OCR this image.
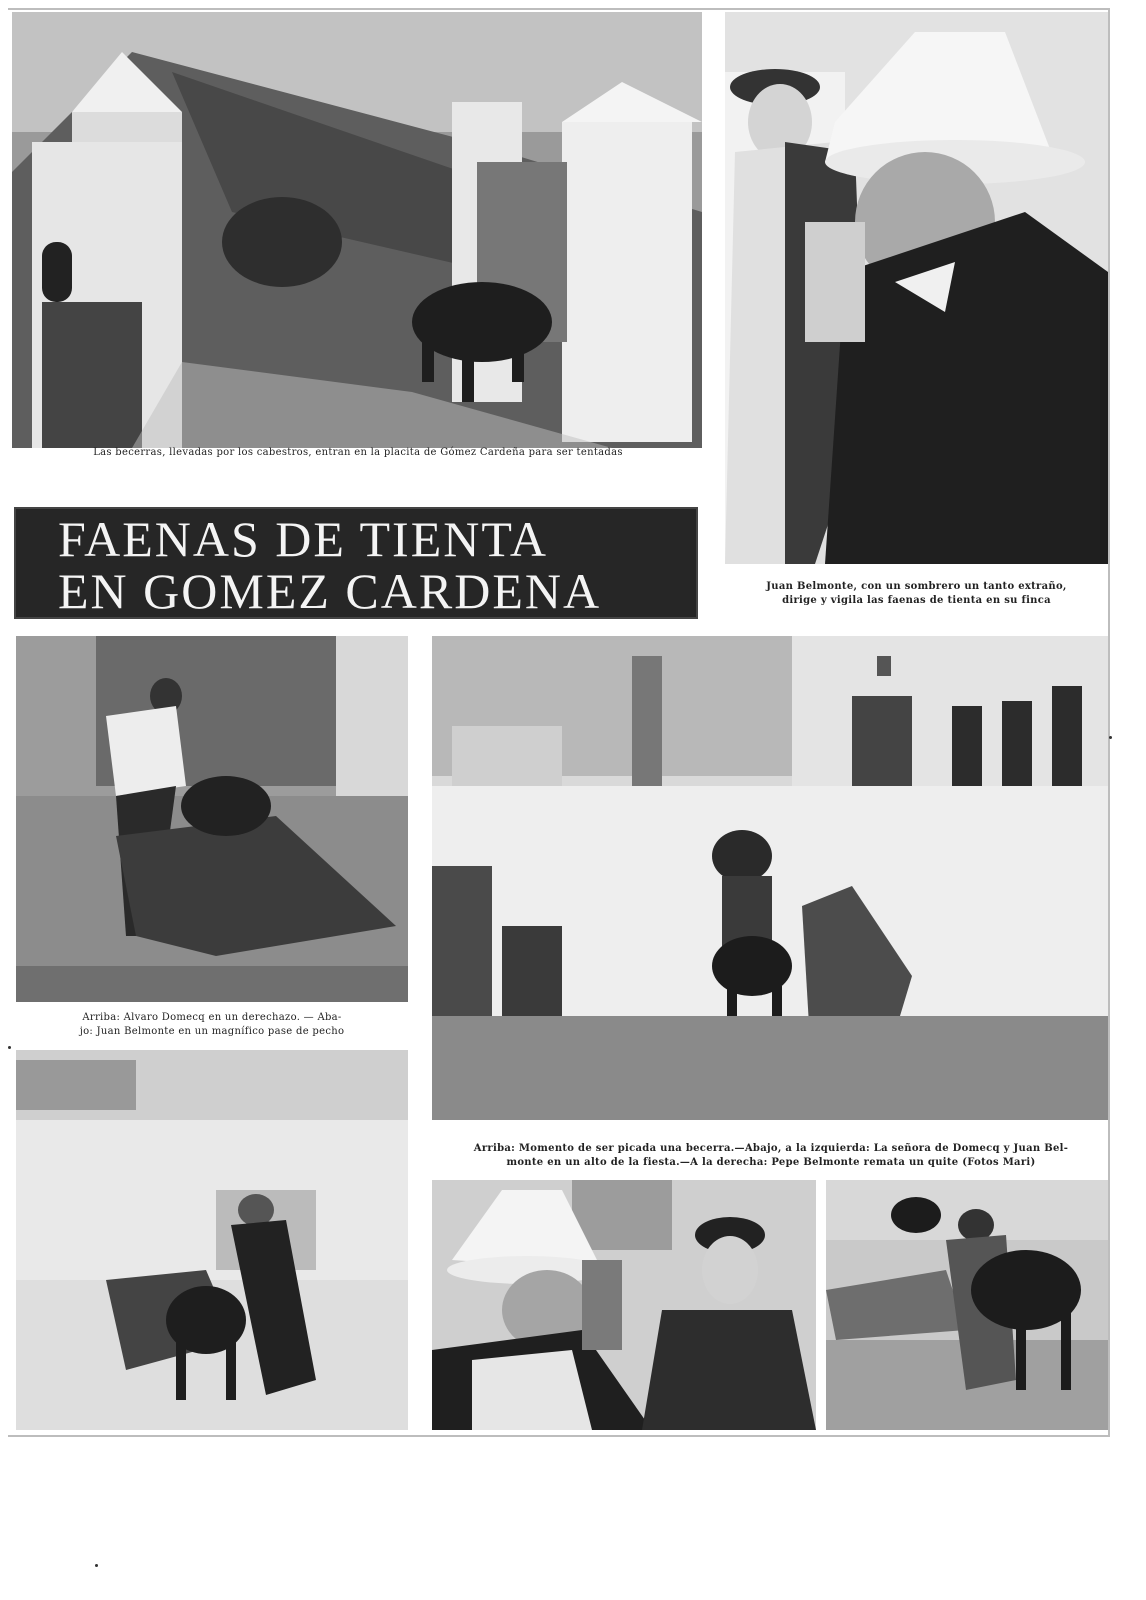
Las becerras, llevadas por los cabestros, entran en la placita de Gómez Cardeña para ser tentadas
FAENAS DE TIENTA
EN GOMEZ CARDENA	Juan Belmonte, con un sombrero un tanto extraño,
dirige y vigila las faenas de tienta en su finca
Arriba: Alvaro Domecq en un derechazo. — Aba-
jo: Juan Belmonte en un magnífico pase de pecho
Arriba: Momento de ser picada una becerra.—Abajo, a la izquierda: La señora de Domecq y Juan Bel-
monte en un alto de la fiesta.—A la derecha: Pepe Belmonte remata un quite (Fotos Mari)
